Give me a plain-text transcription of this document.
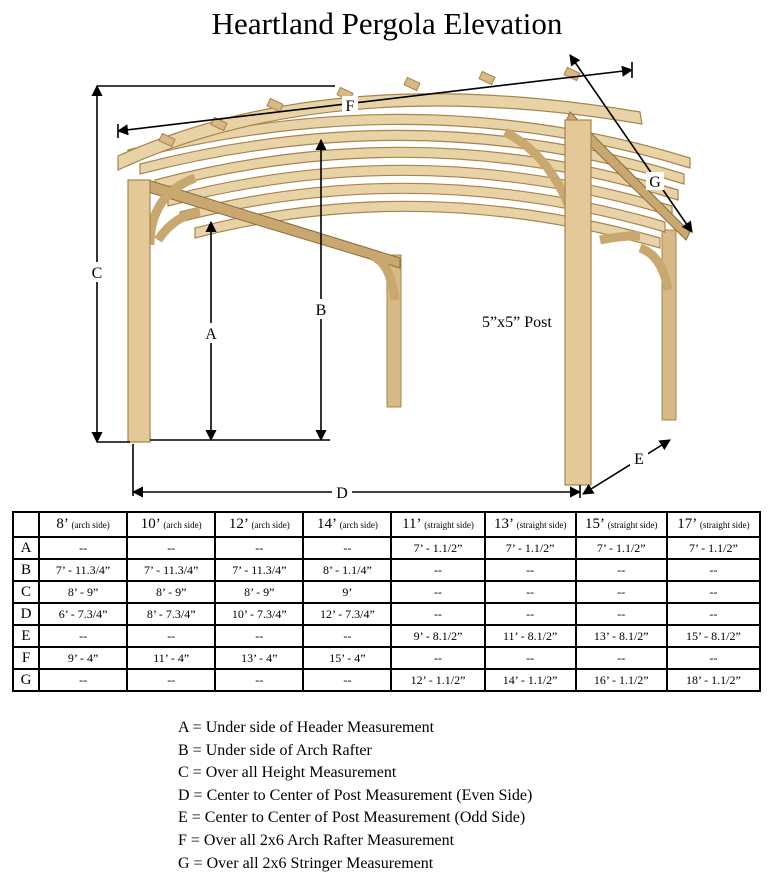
Heartland Pergola Elevation
F
C
A
B
D
E
G
5”x5” Post
	8’ (arch side)	10’ (arch side)	12’ (arch side)	14’ (arch side)	11’ (straight side)	13’ (straight side)	15’ (straight side)	17’ (straight side)
A	--	--	--	--	7’ - 1.1/2”	7’ - 1.1/2”	7’ - 1.1/2”	7’ - 1.1/2”
B	7’ - 11.3/4”	7’ - 11.3/4”	7’ - 11.3/4”	8’ - 1.1/4”	--	--	--	--
C	8’ - 9”	8’ - 9”	8’ - 9”	9’	--	--	--	--
D	6’ - 7.3/4”	8’ - 7.3/4”	10’ - 7.3/4”	12’ - 7.3/4”	--	--	--	--
E	--	--	--	--	9’ - 8.1/2”	11’ - 8.1/2”	13’ - 8.1/2”	15’ - 8.1/2”
F	9’ - 4”	11’ - 4”	13’ - 4”	15’ - 4”	--	--	--	--
G	--	--	--	--	12’ - 1.1/2”	14’ - 1.1/2”	16’ - 1.1/2”	18’ - 1.1/2”
A = Under side of Header Measurement
B = Under side of Arch Rafter
C = Over all Height Measurement
D = Center to Center of Post Measurement (Even Side)
E = Center to Center of Post Measurement (Odd Side)
F = Over all 2x6 Arch Rafter Measurement
G = Over all 2x6 Stringer Measurement
